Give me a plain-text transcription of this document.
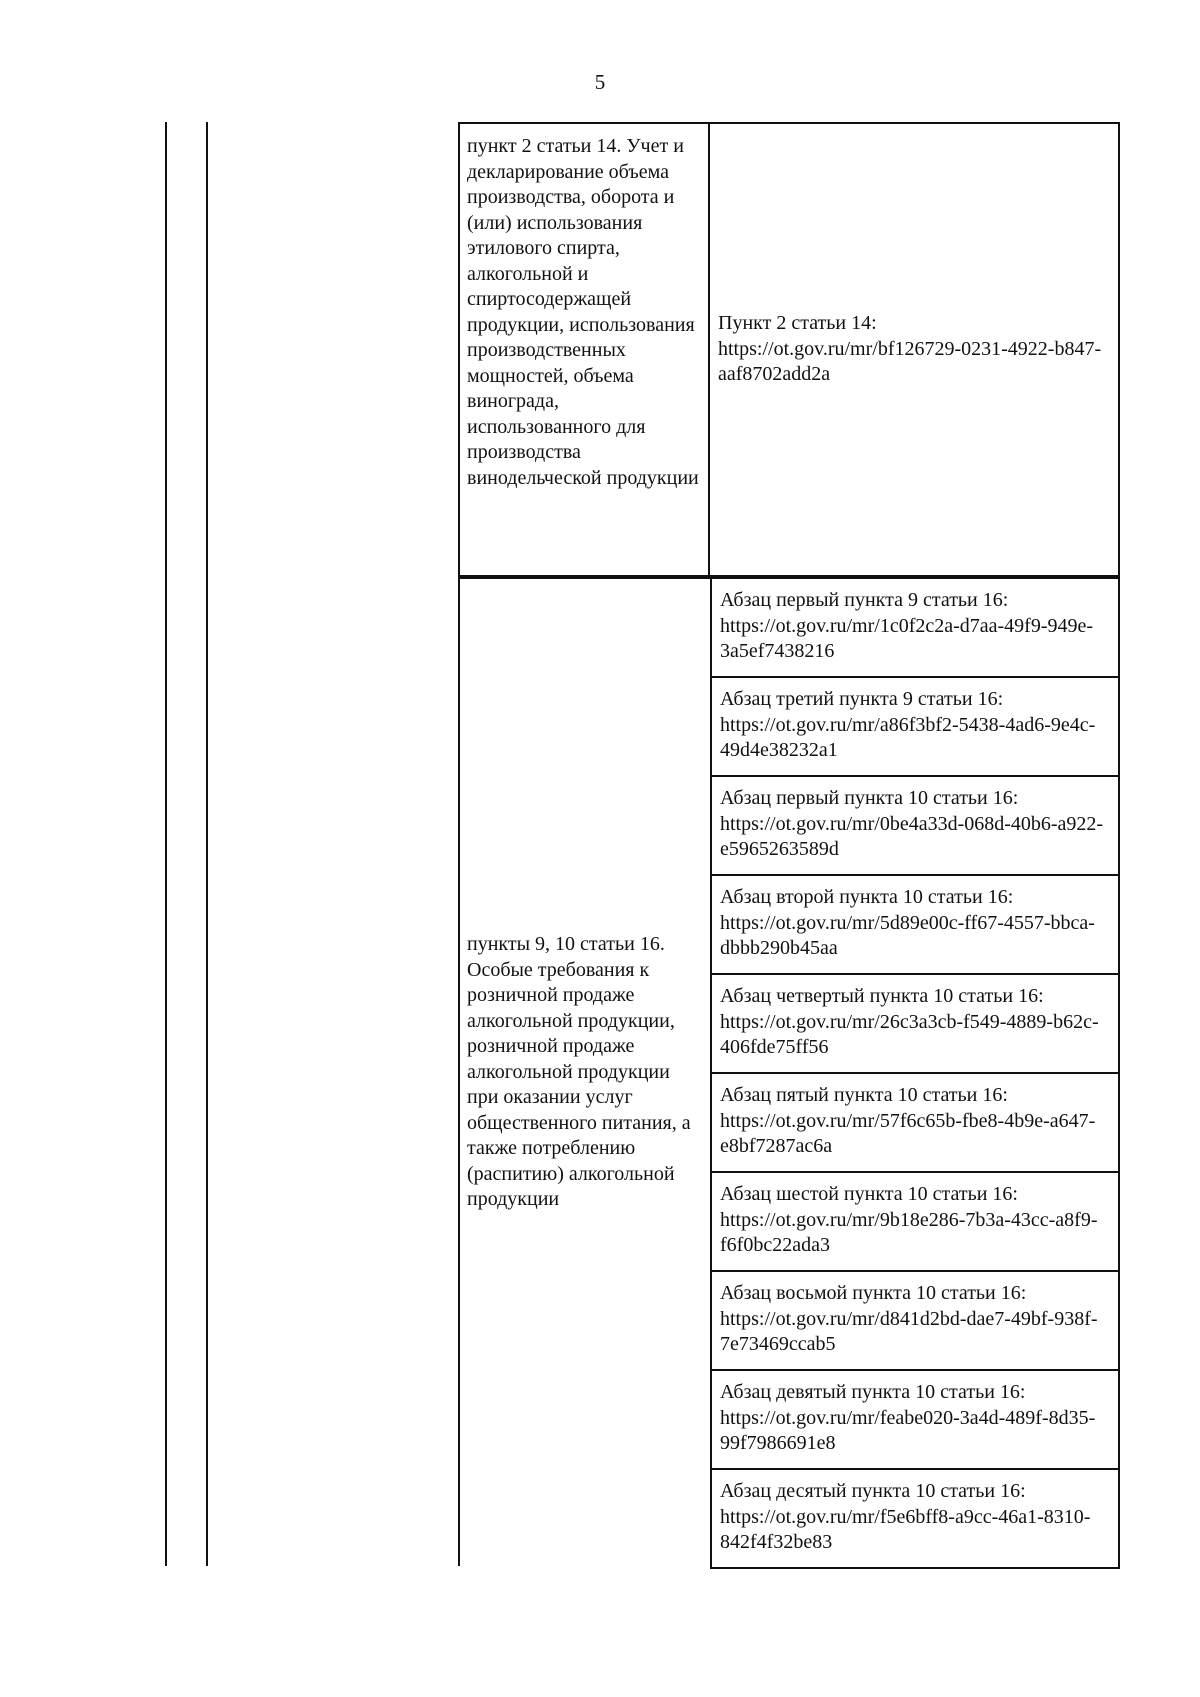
5
пункт 2 статьи 14. Учет и декларирование объема производства, оборота и (или) использования этилового спирта, алкогольной и спиртосодержащей продукции, использования производственных мощностей, объема винограда, использованного для производства винодельческой продукции
Пункт 2 статьи 14:
https://ot.gov.ru/mr/bf126729-0231-4922-b847-aaf8702add2a
пункты 9, 10 статьи 16. Особые требования к розничной продаже алкогольной продукции, розничной продаже алкогольной продукции при оказании услуг общественного питания, а также потреблению (распитию) алкогольной продукции
Абзац первый пункта 9 статьи 16:
https://ot.gov.ru/mr/1c0f2c2a-d7aa-49f9-949e-3a5ef7438216
Абзац третий пункта 9 статьи 16:
https://ot.gov.ru/mr/a86f3bf2-5438-4ad6-9e4c-49d4e38232a1
Абзац первый пункта 10 статьи 16:
https://ot.gov.ru/mr/0be4a33d-068d-40b6-a922-e5965263589d
Абзац второй пункта 10 статьи 16:
https://ot.gov.ru/mr/5d89e00c-ff67-4557-bbca-dbbb290b45aa
Абзац четвертый пункта 10 статьи 16:
https://ot.gov.ru/mr/26c3a3cb-f549-4889-b62c-406fde75ff56
Абзац пятый пункта 10 статьи 16:
https://ot.gov.ru/mr/57f6c65b-fbe8-4b9e-a647-e8bf7287ac6a
Абзац шестой пункта 10 статьи 16:
https://ot.gov.ru/mr/9b18e286-7b3a-43cc-a8f9-f6f0bc22ada3
Абзац восьмой пункта 10 статьи 16:
https://ot.gov.ru/mr/d841d2bd-dae7-49bf-938f-7e73469ccab5
Абзац девятый пункта 10 статьи 16:
https://ot.gov.ru/mr/feabe020-3a4d-489f-8d35-99f7986691e8
Абзац десятый пункта 10 статьи 16:
https://ot.gov.ru/mr/f5e6bff8-a9cc-46a1-8310-842f4f32be83
